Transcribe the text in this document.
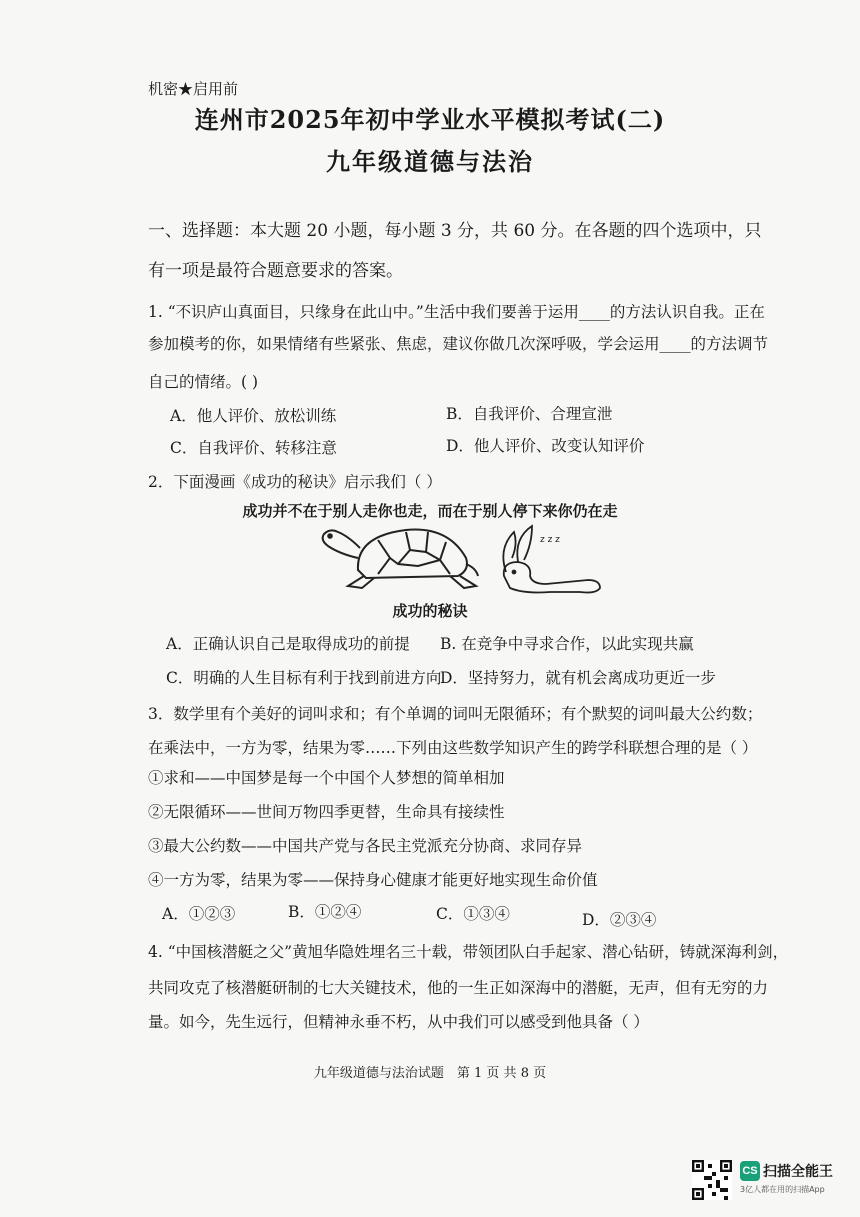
机密★启用前
连州市2025年初中学业水平模拟考试(二)
九年级道德与法治
一、选择题：本大题 20 小题，每小题 3 分，共 60 分。在各题的四个选项中，只
有一项是最符合题意要求的答案。
1. “不识庐山真面目，只缘身在此山中。”生活中我们要善于运用____的方法认识自我。正在
参加模考的你，如果情绪有些紧张、焦虑，建议你做几次深呼吸，学会运用____的方法调节
自己的情绪。( )
A．他人评价、放松训练	B．自我评价、合理宣泄
C．自我评价、转移注意	D．他人评价、改变认知评价
2．下面漫画《成功的秘诀》启示我们（ ）
成功并不在于别人走你也走，而在于别人停下来你仍在走
z z z
成功的秘诀
A．正确认识自己是取得成功的前提 B. 在竞争中寻求合作，以此实现共赢
C．明确的人生目标有利于找到前进方向
D．坚持努力，就有机会离成功更近一步
3．数学里有个美好的词叫求和；有个单调的词叫无限循环；有个默契的词叫最大公约数；
在乘法中，一方为零，结果为零……下列由这些数学知识产生的跨学科联想合理的是（ ）
①求和——中国梦是每一个中国个人梦想的简单相加
②无限循环——世间万物四季更替，生命具有接续性
③最大公约数——中国共产党与各民主党派充分协商、求同存异
④一方为零，结果为零——保持身心健康才能更好地实现生命价值
A．①②③	B．①②④	C．①③④	D．②③④
4. “中国核潜艇之父”黄旭华隐姓埋名三十载，带领团队白手起家、潜心钻研，铸就深海利剑，
共同攻克了核潜艇研制的七大关键技术，他的一生正如深海中的潜艇，无声，但有无穷的力
量。如今，先生远行，但精神永垂不朽，从中我们可以感受到他具备（ ）
九年级道德与法治试题　第 1 页 共 8 页
CS 扫描全能王
3亿人都在用的扫描App
